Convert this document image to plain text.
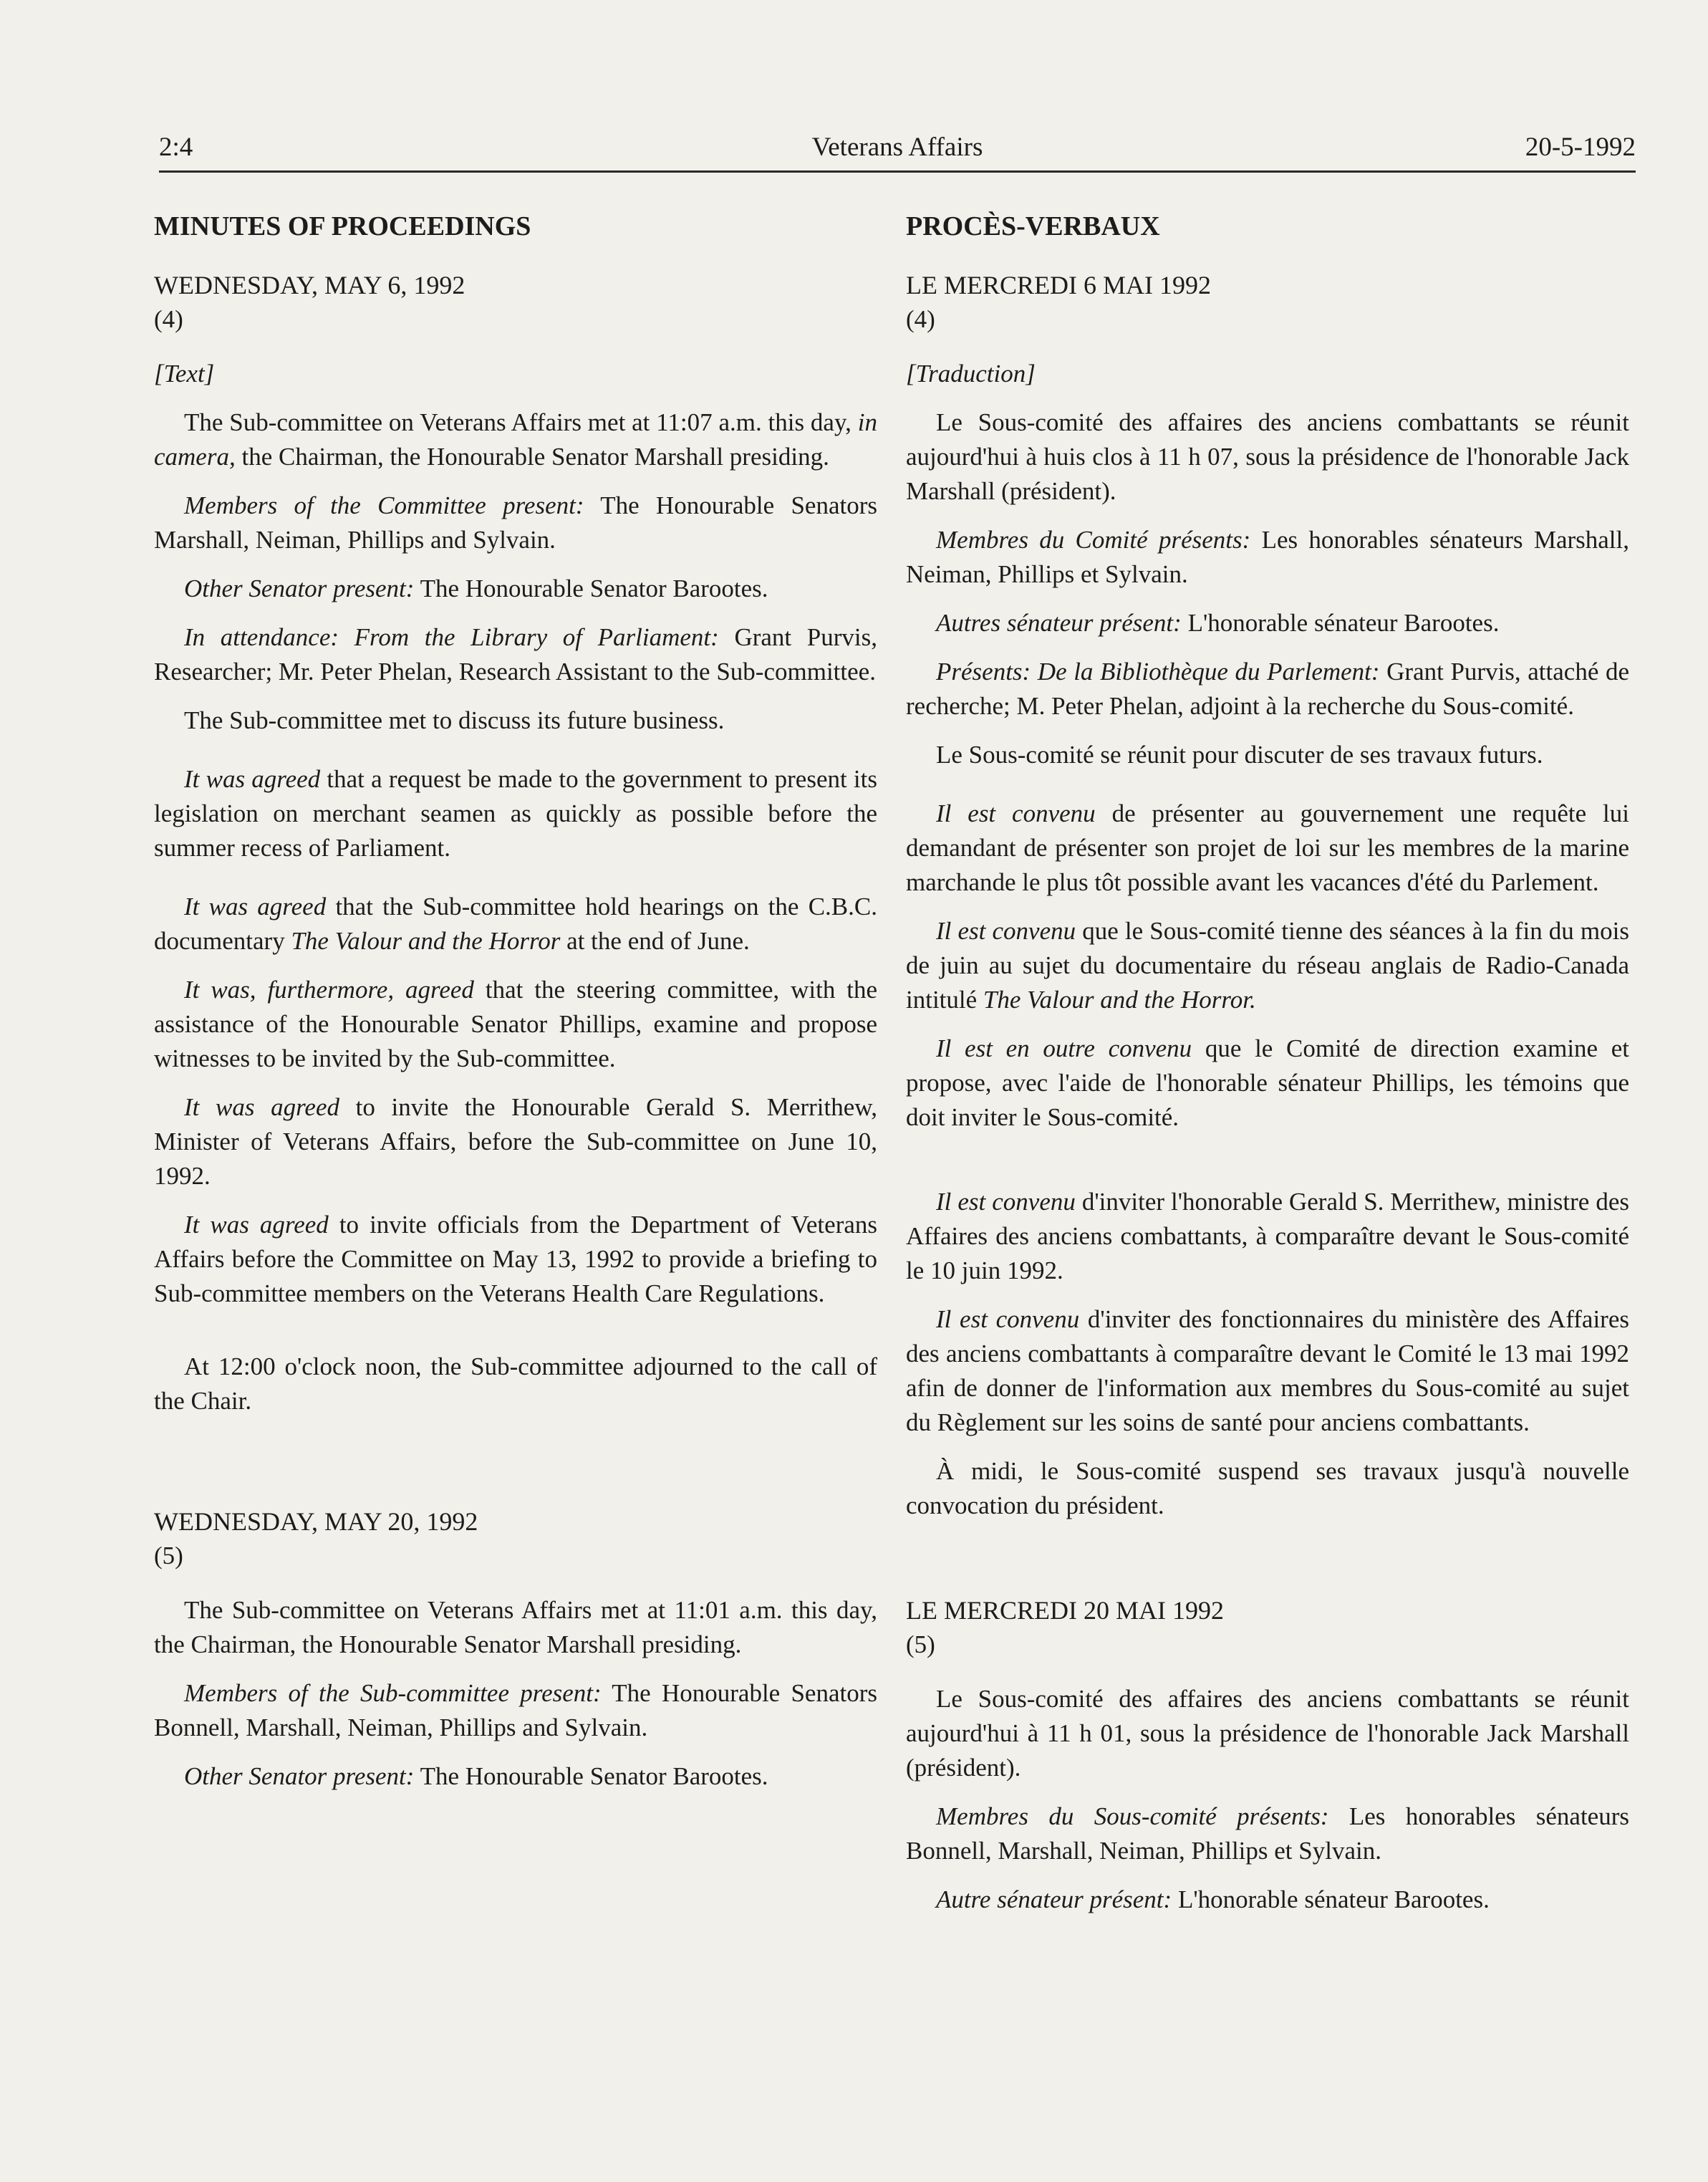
2:4	Veterans Affairs	20-5-1992
MINUTES OF PROCEEDINGS
WEDNESDAY, MAY 6, 1992
(4)
[Text]

The Sub-committee on Veterans Affairs met at 11:07 a.m. this day, in camera, the Chairman, the Honourable Senator Marshall presiding.

Members of the Committee present: The Honourable Senators Marshall, Neiman, Phillips and Sylvain.

Other Senator present: The Honourable Senator Barootes.

In attendance: From the Library of Parliament: Grant Purvis, Researcher; Mr. Peter Phelan, Research Assistant to the Sub-committee.

The Sub-committee met to discuss its future business.

It was agreed that a request be made to the government to present its legislation on merchant seamen as quickly as possible before the summer recess of Parliament.

It was agreed that the Sub-committee hold hearings on the C.B.C. documentary The Valour and the Horror at the end of June.

It was, furthermore, agreed that the steering committee, with the assistance of the Honourable Senator Phillips, examine and propose witnesses to be invited by the Sub-committee.

It was agreed to invite the Honourable Gerald S. Merrithew, Minister of Veterans Affairs, before the Sub-committee on June 10, 1992.

It was agreed to invite officials from the Department of Veterans Affairs before the Committee on May 13, 1992 to provide a briefing to Sub-committee members on the Veterans Health Care Regulations.

At 12:00 o'clock noon, the Sub-committee adjourned to the call of the Chair.

WEDNESDAY, MAY 20, 1992
(5)

The Sub-committee on Veterans Affairs met at 11:01 a.m. this day, the Chairman, the Honourable Senator Marshall presiding.

Members of the Sub-committee present: The Honourable Senators Bonnell, Marshall, Neiman, Phillips and Sylvain.

Other Senator present: The Honourable Senator Barootes.

PROCÈS-VERBAUX
LE MERCREDI 6 MAI 1992
(4)
[Traduction]

Le Sous-comité des affaires des anciens combattants se réunit aujourd'hui à huis clos à 11 h 07, sous la présidence de l'honorable Jack Marshall (président).

Membres du Comité présents: Les honorables sénateurs Marshall, Neiman, Phillips et Sylvain.

Autres sénateur présent: L'honorable sénateur Barootes.

Présents: De la Bibliothèque du Parlement: Grant Purvis, attaché de recherche; M. Peter Phelan, adjoint à la recherche du Sous-comité.

Le Sous-comité se réunit pour discuter de ses travaux futurs.

Il est convenu de présenter au gouvernement une requête lui demandant de présenter son projet de loi sur les membres de la marine marchande le plus tôt possible avant les vacances d'été du Parlement.

Il est convenu que le Sous-comité tienne des séances à la fin du mois de juin au sujet du documentaire du réseau anglais de Radio-Canada intitulé The Valour and the Horror.

Il est en outre convenu que le Comité de direction examine et propose, avec l'aide de l'honorable sénateur Phillips, les témoins que doit inviter le Sous-comité.

Il est convenu d'inviter l'honorable Gerald S. Merrithew, ministre des Affaires des anciens combattants, à comparaître devant le Sous-comité le 10 juin 1992.

Il est convenu d'inviter des fonctionnaires du ministère des Affaires des anciens combattants à comparaître devant le Comité le 13 mai 1992 afin de donner de l'information aux membres du Sous-comité au sujet du Règlement sur les soins de santé pour anciens combattants.

À midi, le Sous-comité suspend ses travaux jusqu'à nouvelle convocation du président.

LE MERCREDI 20 MAI 1992
(5)

Le Sous-comité des affaires des anciens combattants se réunit aujourd'hui à 11 h 01, sous la présidence de l'honorable Jack Marshall (président).

Membres du Sous-comité présents: Les honorables sénateurs Bonnell, Marshall, Neiman, Phillips et Sylvain.

Autre sénateur présent: L'honorable sénateur Barootes.
